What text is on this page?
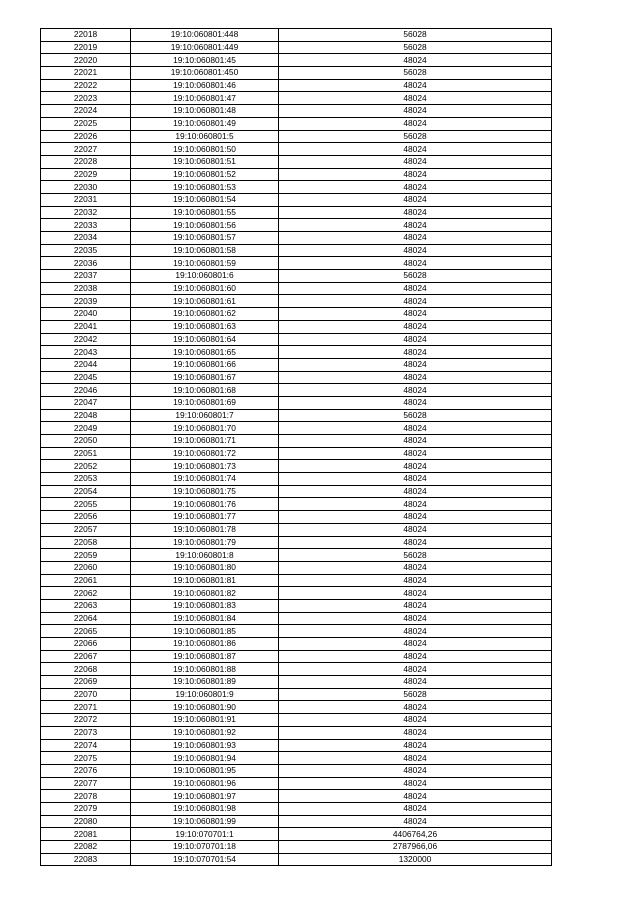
22018	19:10:060801:448	56028
22019	19:10:060801:449	56028
22020	19:10:060801:45	48024
22021	19:10:060801:450	56028
22022	19:10:060801:46	48024
22023	19:10:060801:47	48024
22024	19:10:060801:48	48024
22025	19:10:060801:49	48024
22026	19:10:060801:5	56028
22027	19:10:060801:50	48024
22028	19:10:060801:51	48024
22029	19:10:060801:52	48024
22030	19:10:060801:53	48024
22031	19:10:060801:54	48024
22032	19:10:060801:55	48024
22033	19:10:060801:56	48024
22034	19:10:060801:57	48024
22035	19:10:060801:58	48024
22036	19:10:060801:59	48024
22037	19:10:060801:6	56028
22038	19:10:060801:60	48024
22039	19:10:060801:61	48024
22040	19:10:060801:62	48024
22041	19:10:060801:63	48024
22042	19:10:060801:64	48024
22043	19:10:060801:65	48024
22044	19:10:060801:66	48024
22045	19:10:060801:67	48024
22046	19:10:060801:68	48024
22047	19:10:060801:69	48024
22048	19:10:060801:7	56028
22049	19:10:060801:70	48024
22050	19:10:060801:71	48024
22051	19:10:060801:72	48024
22052	19:10:060801:73	48024
22053	19:10:060801:74	48024
22054	19:10:060801:75	48024
22055	19:10:060801:76	48024
22056	19:10:060801:77	48024
22057	19:10:060801:78	48024
22058	19:10:060801:79	48024
22059	19:10:060801:8	56028
22060	19:10:060801:80	48024
22061	19:10:060801:81	48024
22062	19:10:060801:82	48024
22063	19:10:060801:83	48024
22064	19:10:060801:84	48024
22065	19:10:060801:85	48024
22066	19:10:060801:86	48024
22067	19:10:060801:87	48024
22068	19:10:060801:88	48024
22069	19:10:060801:89	48024
22070	19:10:060801:9	56028
22071	19:10:060801:90	48024
22072	19:10:060801:91	48024
22073	19:10:060801:92	48024
22074	19:10:060801:93	48024
22075	19:10:060801:94	48024
22076	19:10:060801:95	48024
22077	19:10:060801:96	48024
22078	19:10:060801:97	48024
22079	19:10:060801:98	48024
22080	19:10:060801:99	48024
22081	19:10:070701:1	4406764,26
22082	19:10:070701:18	2787966,06
22083	19:10:070701:54	1320000
